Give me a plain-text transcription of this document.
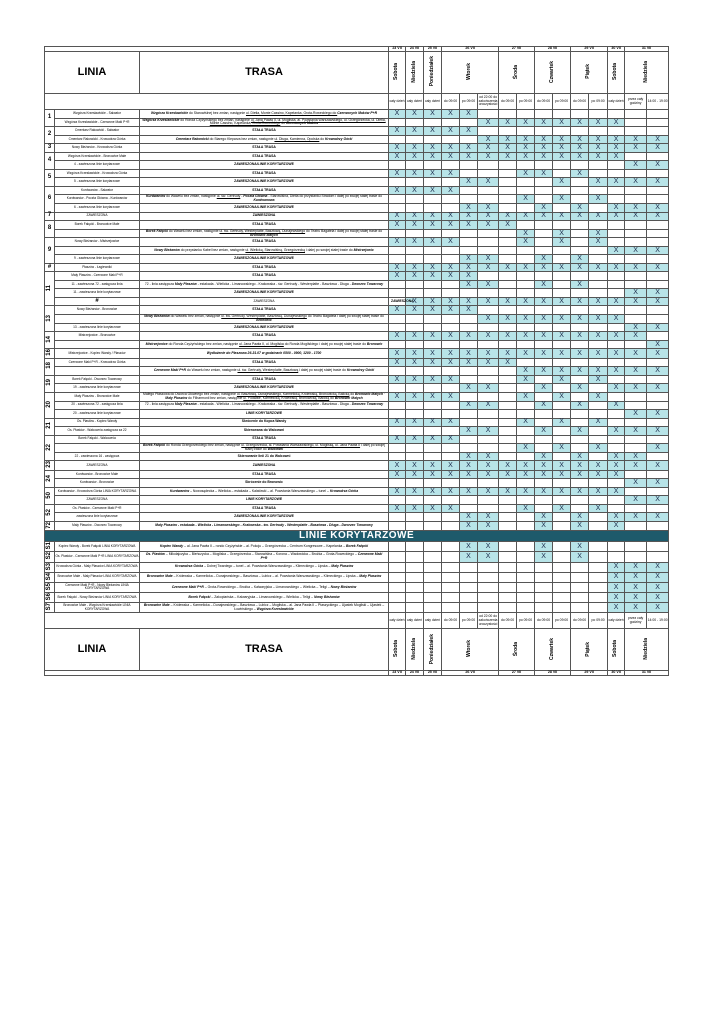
			23 VII	24 VII	25 VII	26 VII			27 VII		28 VII		29 VII		30 VII	31 VII		
LINIA		TRASA	Sobota	Niedziela	Poniedziałek	Wtorek			Środa		Czwartek		Piątek		Sobota	Niedziela		
			cały dzień	cały dzień	cały dzień	do 09:00	po 09:00	od 22:00 do zakończenia uroczystości	do 09:00	po 09:00	do 09:00	po 09:00	do 09:00	po 09:00	cały dzień	przez cały godziny	14:00 - 19:00	
1	Wzgórza Krzesławickie - Salwator	Wzgórza Krzesławickie do Starowiślnej bez zmian, następnie ul. Dietla, Monte Cassino, Kapelanka, Grota-Roweckiego do Czerwonych Maków P+R	X	X	X	X	X											
	Wzgórza Krzesławickie - Czerwone Maki P+R	Wzgórza Krzesławickie do Ronda Czyżyńskiego bez zmian, następnie ul. Jana Pawła II, ul. Mogilska, al. Powstania Warszawskiego, ul. Grzegórzecka, ul. Dietla, Monte Cassino, Kapelanka, Grota-Roweckiego do Czerwonych Maków						X	X	X	X	X	X	X	X			
2	Cmentarz Rakowicki - Salwator	STAŁA TRASA	X	X	X	X	X											
	Cmentarz Rakowicki - Krowodrza Górka	Cmentarz Rakowicki do Starego Kleparza bez zmian, następnie ul. Długa, Kamienna, Opolska do Krowodrzy Górki						X	X	X	X	X	X	X	X	X	X	
3	Nowy Bieżanów - Krowodrza Górka	STAŁA TRASA	X	X	X	X	X	X	X	X	X	X	X	X	X	X	X	
4	Wzgórza Krzesławickie - Bronowice Małe	STAŁA TRASA	X	X	X	X	X	X	X	X	X	X	X	X	X			
	4 - zawieszona linie korytarzowe	ZAWIESZONA/LINIE KORYTARZOWE														X	X	
5	Wzgórza Krzesławickie - Krowodrza Górka	STAŁA TRASA	X	X	X	X				X	X		X					
	5 - zawieszona linie korytarzowe	ZAWIESZONA/LINIE KORYTARZOWE					X	X				X		X	X	X	X	
6	Kurdwanów - Salwator	STAŁA TRASA	X	X	X	X												
	Kurdwanów - Poczta Główna - Kurdwanów	Kurdwanów do Wawelu bez zmian, następnie ul. św. Gertrudy - Poczta Główna - Starowiślna, Dietla do przystanku Stradom i dalej po swojej stałej trasie do Kurdwanowa								X		X		X				
	6 - zawieszona linie korytarzowe	ZAWIESZONA/LINIE KORYTARZOWE					X	X			X		X		X	X	X	
7	ZAWIESZONA	ZAWIESZONA	X	X	X	X	X	X	X	X	X	X	X	X	X	X	X	
8	Borek Fałęcki - Bronowice Małe	STAŁA TRASA	X	X	X	X	X	X	X									
		Borek Fałęcki do Wawelu bez zmian, następnie ul. św. Gertrudy, Westerplatte, Basztową, Dunajewskiego do Teatru Bagatela i dalej po swojej stałej trasie do Bronowic Małych								X		X		X				
9	Nowy Bieżanów - Mistrzejowice	STAŁA TRASA	X	X	X	X				X		X		X				
		Nowy Bieżanów do przystanku Kabel bez zmian, następnie ul. Wielicką, Starowiślną, Grzegórzecką i dalej po swojej stałej trasie do Mistrzejowic													X	X	X	
	9 - zawieszona linie korytarzowe	ZAWIESZONA/LINIE KORYTARZOWE					X	X			X		X					
#	Płaszów - Łagiewniki	STAŁA TRASA	X	X	X	X	X	X	X	X	X	X	X	X	X	X	X	
11	Mały Płaszów - Czerwone Maki P+R	STAŁA TRASA	X	X	X	X	X											
	11 - zawieszona 72 - zastępcza linia	72 - linia zastępcza Mały Płaszów - estakada - Wielicka - Limanowskiego - Krakowska - św. Gertrudy - Westerplatte - Basztowa - Długa - Dworzec Towarowy					X	X			X		X					
	11 - zawieszona linie korytarzowe	ZAWIESZONA/LINIE KORYTARZOWE														X	X	
	#	ZAWIESZONA	ZAWIESZONA	X	X	X	X	X	X	X	X	X	X	X	X	X	X	
13	Nowy Bieżanów - Bronowice	STAŁA TRASA	X	X	X	X	X											
		Nowy Bieżanów do Wawelu bez zmian, następnie ul. św. Gertrudy, Westerplatte, Basztową, Dunajewskiego do Teatru Bagatela i dalej po swojej stałej trasie do Bronowic						X	X	X	X	X	X	X	X			
	13 - zawieszona linie korytarzowe	ZAWIESZONA/LINIE KORYTARZOWE														X	X	
14	Mistrzejowice - Bronowice	STAŁA TRASA	X	X	X	X	X	X	X	X	X	X	X	X	X	X		
		Mistrzejowice do Ronda Czyżyńskiego bez zmian, następnie ul. Jana Pawła II, ul. Mogilska do Ronda Mogilskiego i dalej po swojej stałej trasie do Bronowic															X	
16	Mistrzejowice - Kopiec Wandy / Płaszów	Wydłużenie do Płaszowa 26-31.07 w godzinach 0500 - 0900, 1200 - 1700	X	X	X	X	X	X	X	X	X	X	X	X	X	X	X	
18	Czerwone Maki P+R - Krowodrza Górka	STAŁA TRASA	X	X	X	X	X	X	X									
		Czerwone Maki P+R do Wawelu bez zmian, następnie ul. św. Gertrudy, Westerplatte, Basztową i dalej po swojej stałej trasie do Krowodrzy Górki								X	X	X	X	X	X	X	X	
19	Borek Fałęcki - Dworzec Towarowy	STAŁA TRASA	X	X	X	X				X		X		X				
	19 - zawieszona linie korytarzowe	ZAWIESZONA/LINIE KORYTARZOWE					X	X			X		X		X	X	X	
20	Mały Płaszów - Bronowice Małe	Małego Płaszowa do Dworca Głównego bez zmian, następnie ul. Basztową, Dunajewskiego, Karmelicką, Królewską, Bronowicką, Balicką do Bronowic Małych · Mały Płaszów do Filharmonii bez zmian, następnie ul. Podwale, Karmelicką, Królewską, Bronowicką, Balicką do Bronowic Małych	X	X	X	X				X		X		X				
	20 - zawieszona 72 - zastępcza linia	72 - linia zastępcza Mały Płaszów - estakada - Wielicka - Limanowskiego - Krakowska - św. Gertrudy - Westerplatte - Basztowa - Długa - Dworzec Towarowy					X	X			X		X		X			
	20 - zawieszona linie korytarzowe	LINIE KORYTARZOWE														X	X	
21	Os. Piastów - Kopiec Wandy	Skrócenie do Kopca Wandy	X	X	X	X				X		X		X				
	Os. Piastów - Walcownia zastępcza za 22	Skierowana do Walcowni					X	X			X		X		X	X	X	
22	Borek Fałęcki - Walcownia	STAŁA TRASA	X	X	X	X												
		Borek Fałęcki do Ronda Grzegórzeckiego bez zmian, następnie ul. Grzegórzecka, al. Powstania Warszawskiego, ul. Mogilską, ul. Jana Pawła II i dalej po swojej stałej trasie do Walcowni								X		X		X			X	
	22 - zawieszona 16 - zastępcza	Skierowanie linii 21 do Walcowni					X	X			X		X		X	X		
23	ZAWIESZONA	ZAWIESZONA	X	X	X	X	X	X	X	X	X	X	X	X	X	X	X	
24	Kurdwanów - Bronowice Małe	STAŁA TRASA	X	X	X	X	X	X	X	X	X	X	X	X	X			
	Kurdwanów - Bronowice	Skrócenie do Bronowic														X	X	
50	Kurdwanów - Krowodrza Górka LINIA KORYTARZOWA	Kurdwanów – Nowosądecka – Wielicka – estakada – Kalatówki – al. Powstania Warszawskiego – tunel – Krowodrza Górka	X	X	X	X	X	X	X	X	X	X	X	X	X			
	ZAWIESZONA	LINIE KORYTARZOWE														X	X	
52	Os. Piastów - Czerwone Maki P+R	STAŁA TRASA	X	X	X	X				X		X		X				
	zawieszona linie korytarzowe	ZAWIESZONA/LINIE KORYTARZOWE					X	X			X		X		X	X	X	
72	Mały Płaszów - Dworzec Towarowy	Mały Płaszów - estakada - Wielicka - Limanowskiego - Krakowska - św. Gertrudy - Westerplatte - Basztowa - Długa - Dworzec Towarowy					X	X			X		X		X			
LINIE KORYTARZOWE																		
S1	Kopiec Wandy - Borek Fałęcki LINIA KORYTARZOWA	Kopiec Wandy – al. Jana Pawła II – rondo Czyżyńskie – al. Pokoju – Grzegórzecka – Centrum Kongresowe – Kapelanka – Borek Fałęcki					X	X			X		X					
S2	Os. Piastów - Czerwone Maki P+R LINIA KORYTARZOWA	Os. Piastów – Mikołajczyka – Bieńczycka – Mogilska – Grzegórzecka – Starowiślna – Korona – Wadowicka – Brożka – Grota-Roweckiego – Czerwone Maki P+R					X	X			X		X					
S3	Krowodrza Górka - Mały Płaszów LINIA KORYTARZOWA	Krowodrza Górka – Dolnej Twardego – tunel – al. Powstania Warszawskiego – Klimeckiego – Lipska – Mały Płaszów													X	X	X	
S4	Bronowice Małe - Mały Płaszów LINIA KORYTARZOWA	Bronowice Małe – Królewska – Karmelicka – Dunajewskiego – Basztowa – Lubicz – al. Powstania Warszawskiego – Klimeckiego – Lipska – Mały Płaszów													X	X	X	
S5	Czerwone Maki P+R - Nowy Bieżanów LINIA KORYTARZOWA	Czerwone Maki P+R – Grota-Roweckiego – Brożka – Kalwaryjska – Limanowskiego – Wielicka – Teligi – Nowy Bieżanów													X	X	X	
S6	Borek Fałęcki - Nowy Bieżanów LINIA KORYTARZOWA	Borek Fałęcki – Zakopiańska – Kalwaryjska – Limanowskiego – Wielicka – Teligi – Nowy Bieżanów													X	X	X	
S7	Bronowice Małe - Wzgórza Krzesławickie LINIA KORYTARZOWA	Bronowice Małe – Królewska – Karmelicka – Dunajewskiego – Basztowa – Lubicz – Mogilska – al. Jana Pawła II – Ptaszyckiego – Ujastek Mogilski – Ujastek – Łowińskiego – Wzgórza Krzesławickie													X	X	X	
			cały dzień	cały dzień	cały dzień	do 09:00	po 09:00	od 22:00 do zakończenia uroczystości	do 09:00	po 09:00	do 09:00	po 09:00	do 09:00	po 09:00	cały dzień	przez cały godziny	14:00 - 19:00	
LINIA		TRASA	Sobota	Niedziela	Poniedziałek	Wtorek			Środa		Czwartek		Piątek		Sobota	Niedziela		
			23 VII	24 VII	25 VII	26 VII			27 VII		28 VII		29 VII		30 VII	31 VII		
